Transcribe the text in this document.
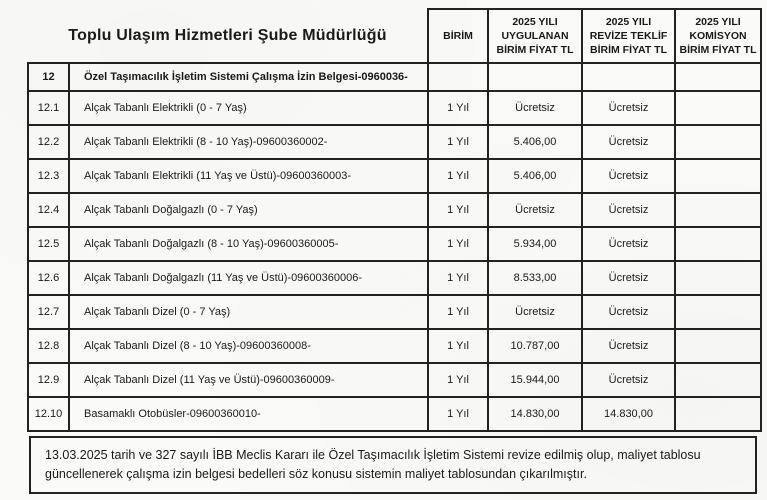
Toplu Ulaşım Hizmetleri Şube Müdürlüğü		BİRİM	2025 YILI UYGULANAN BİRİM FİYAT TL	2025 YILI REVİZE TEKLİF BİRİM FİYAT TL	2025 YILI KOMİSYON BİRİM FİYAT TL
12	Özel Taşımacılık İşletim Sistemi Çalışma İzin Belgesi-0960036-				
12.1	Alçak Tabanlı Elektrikli (0 - 7 Yaş)	1 Yıl	Ücretsiz	Ücretsiz	
12.2	Alçak Tabanlı Elektrikli (8 - 10 Yaş)-09600360002-	1 Yıl	5.406,00	Ücretsiz	
12.3	Alçak Tabanlı Elektrikli (11 Yaş ve Üstü)-09600360003-	1 Yıl	5.406,00	Ücretsiz	
12.4	Alçak Tabanlı Doğalgazlı (0 - 7 Yaş)	1 Yıl	Ücretsiz	Ücretsiz	
12.5	Alçak Tabanlı Doğalgazlı (8 - 10 Yaş)-09600360005-	1 Yıl	5.934,00	Ücretsiz	
12.6	Alçak Tabanlı Doğalgazlı (11 Yaş ve Üstü)-09600360006-	1 Yıl	8.533,00	Ücretsiz	
12.7	Alçak Tabanlı Dizel (0 - 7 Yaş)	1 Yıl	Ücretsiz	Ücretsiz	
12.8	Alçak Tabanlı Dizel (8 - 10 Yaş)-09600360008-	1 Yıl	10.787,00	Ücretsiz	
12.9	Alçak Tabanlı Dizel (11 Yaş ve Üstü)-09600360009-	1 Yıl	15.944,00	Ücretsiz	
12.10	Basamaklı Otobüsler-09600360010-	1 Yıl	14.830,00	14.830,00	
13.03.2025 tarih ve 327 sayılı İBB Meclis Kararı ile Özel Taşımacılık İşletim Sistemi revize edilmiş olup, maliyet tablosu güncellenerek çalışma izin belgesi bedelleri söz konusu sistemin maliyet tablosundan çıkarılmıştır.
